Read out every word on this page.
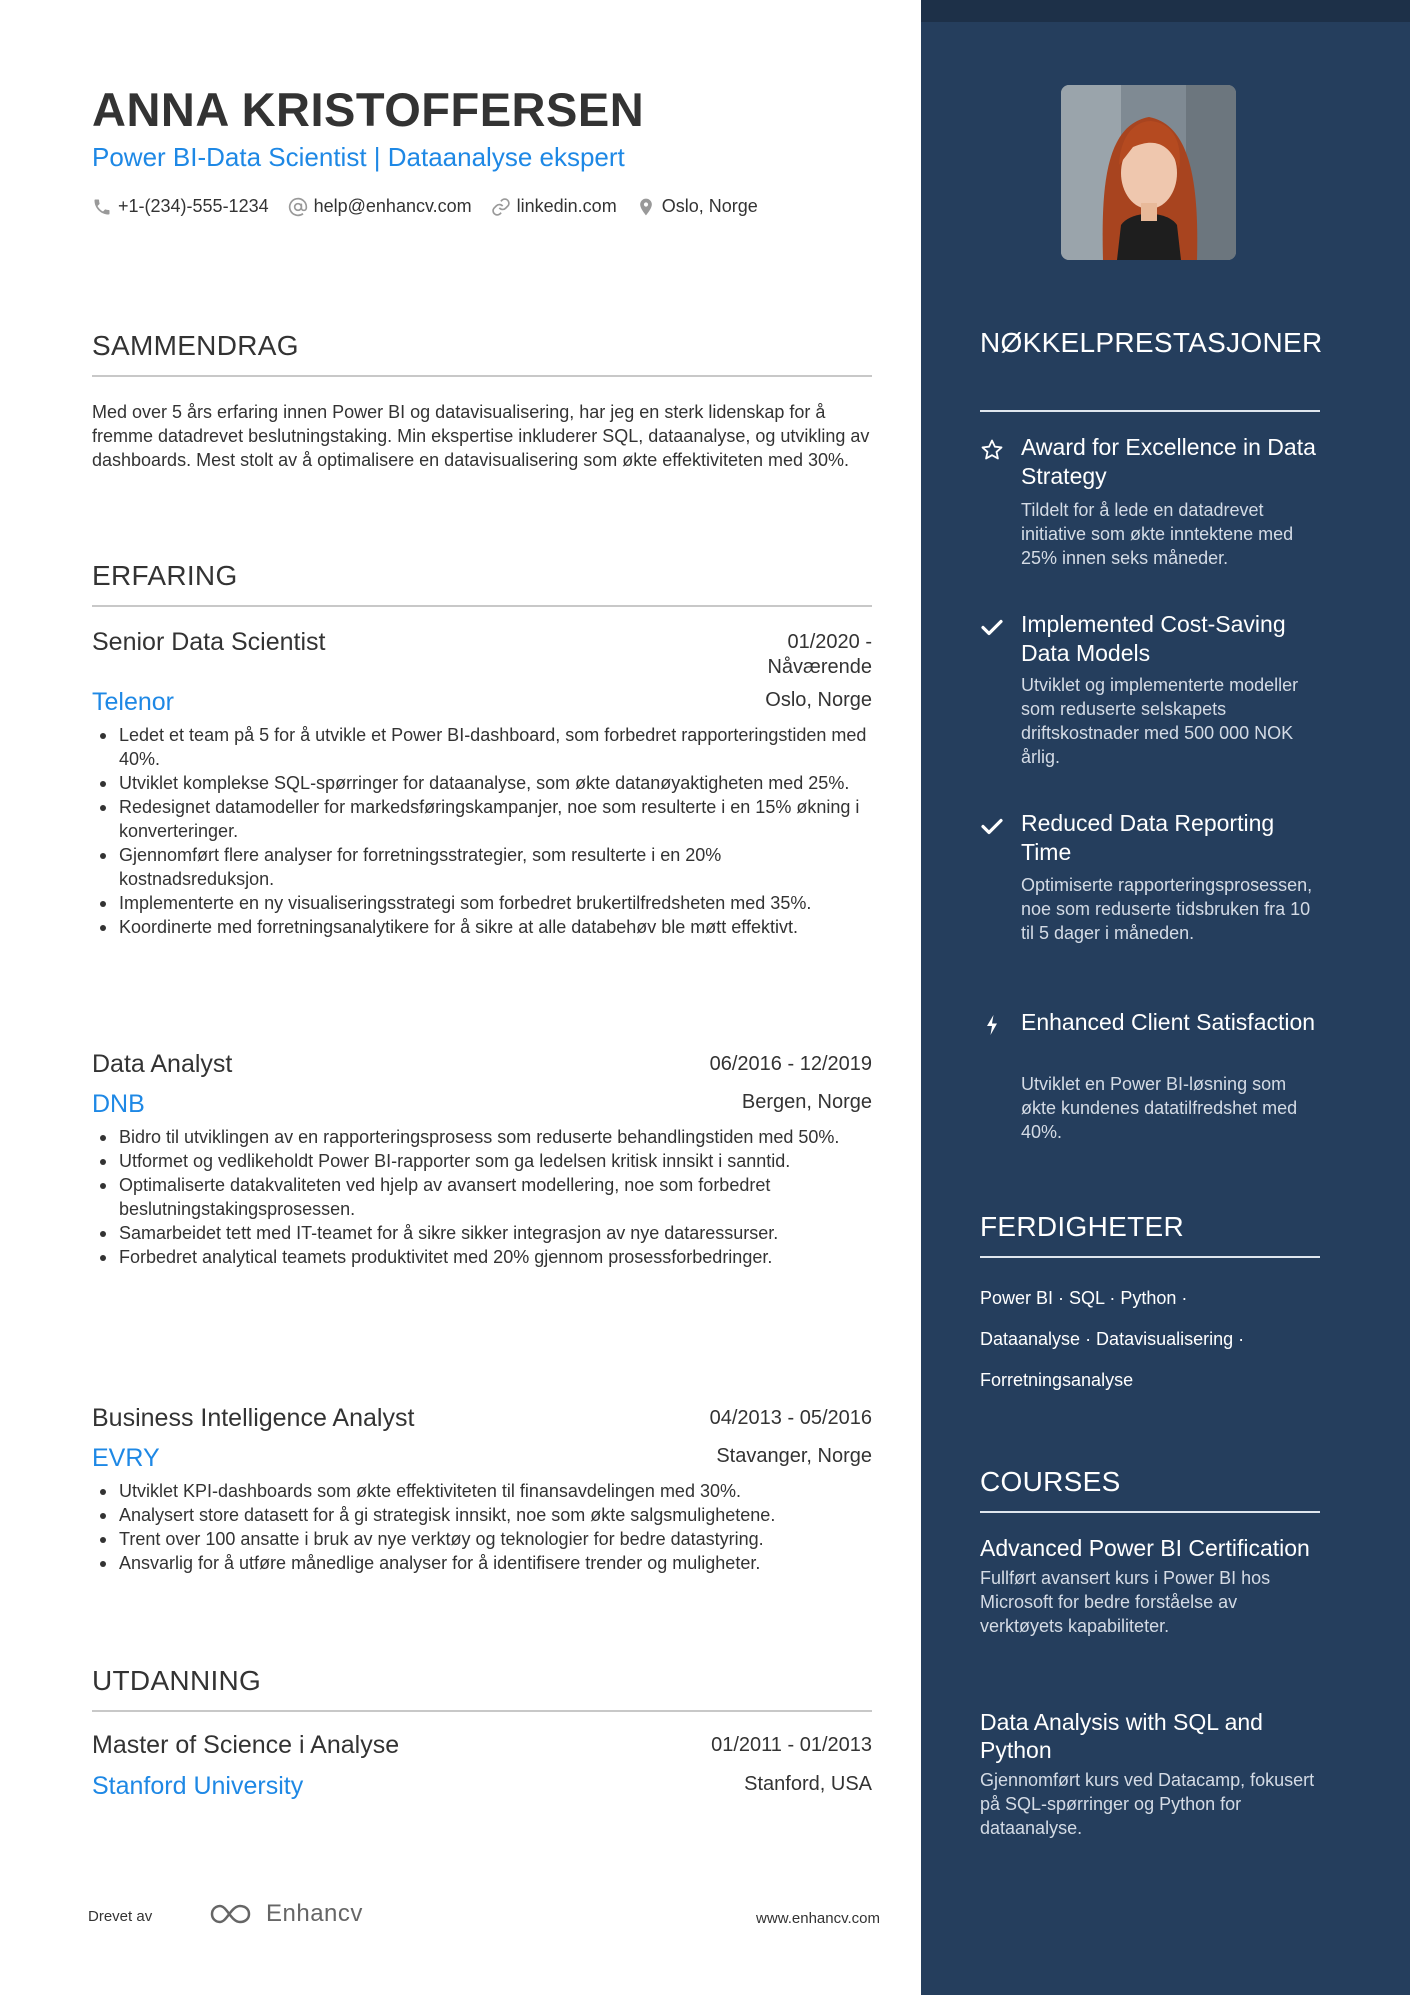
ANNA KRISTOFFERSEN
Power BI-Data Scientist | Dataanalyse ekspert
+1-(234)-555-1234	help@enhancv.com	linkedin.com	Oslo, Norge
SAMMENDRAG
Med over 5 års erfaring innen Power BI og datavisualisering, har jeg en sterk lidenskap for å fremme datadrevet beslutningstaking. Min ekspertise inkluderer SQL, dataanalyse, og utvikling av dashboards. Mest stolt av å optimalisere en datavisualisering som økte effektiviteten med 30%.
ERFARING
Senior Data Scientist	01/2020 -
Nåværende
Telenor	Oslo, Norge
Ledet et team på 5 for å utvikle et Power BI-dashboard, som forbedret rapporteringstiden med 40%.
Utviklet komplekse SQL-spørringer for dataanalyse, som økte datanøyaktigheten med 25%.
Redesignet datamodeller for markedsføringskampanjer, noe som resulterte i en 15% økning i konverteringer.
Gjennomført flere analyser for forretningsstrategier, som resulterte i en 20% kostnadsreduksjon.
Implementerte en ny visualiseringsstrategi som forbedret brukertilfredsheten med 35%.
Koordinerte med forretningsanalytikere for å sikre at alle databehøv ble møtt effektivt.
Data Analyst	06/2016 - 12/2019
DNB	Bergen, Norge
Bidro til utviklingen av en rapporteringsprosess som reduserte behandlingstiden med 50%.
Utformet og vedlikeholdt Power BI-rapporter som ga ledelsen kritisk innsikt i sanntid.
Optimaliserte datakvaliteten ved hjelp av avansert modellering, noe som forbedret beslutningstakingsprosessen.
Samarbeidet tett med IT-teamet for å sikre sikker integrasjon av nye dataressurser.
Forbedret analytical teamets produktivitet med 20% gjennom prosessforbedringer.
Business Intelligence Analyst	04/2013 - 05/2016
EVRY	Stavanger, Norge
Utviklet KPI-dashboards som økte effektiviteten til finansavdelingen med 30%.
Analysert store datasett for å gi strategisk innsikt, noe som økte salgsmulighetene.
Trent over 100 ansatte i bruk av nye verktøy og teknologier for bedre datastyring.
Ansvarlig for å utføre månedlige analyser for å identifisere trender og muligheter.
UTDANNING
Master of Science i Analyse	01/2011 - 01/2013
Stanford University	Stanford, USA
Drevet av	Enhancv	www.enhancv.com
NØKKELPRESTASJONER
Award for Excellence in Data Strategy
Tildelt for å lede en datadrevet initiative som økte inntektene med 25% innen seks måneder.
Implemented Cost-Saving Data Models
Utviklet og implementerte modeller som reduserte selskapets driftskostnader med 500 000 NOK årlig.
Reduced Data Reporting Time
Optimiserte rapporteringsprosessen, noe som reduserte tidsbruken fra 10 til 5 dager i måneden.
Enhanced Client Satisfaction
Utviklet en Power BI-løsning som økte kundenes datatilfredshet med 40%.
FERDIGHETER
Power BI · SQL · Python ·
Dataanalyse · Datavisualisering ·
Forretningsanalyse
COURSES
Advanced Power BI Certification
Fullført avansert kurs i Power BI hos Microsoft for bedre forståelse av verktøyets kapabiliteter.
Data Analysis with SQL and Python
Gjennomført kurs ved Datacamp, fokusert på SQL-spørringer og Python for dataanalyse.
